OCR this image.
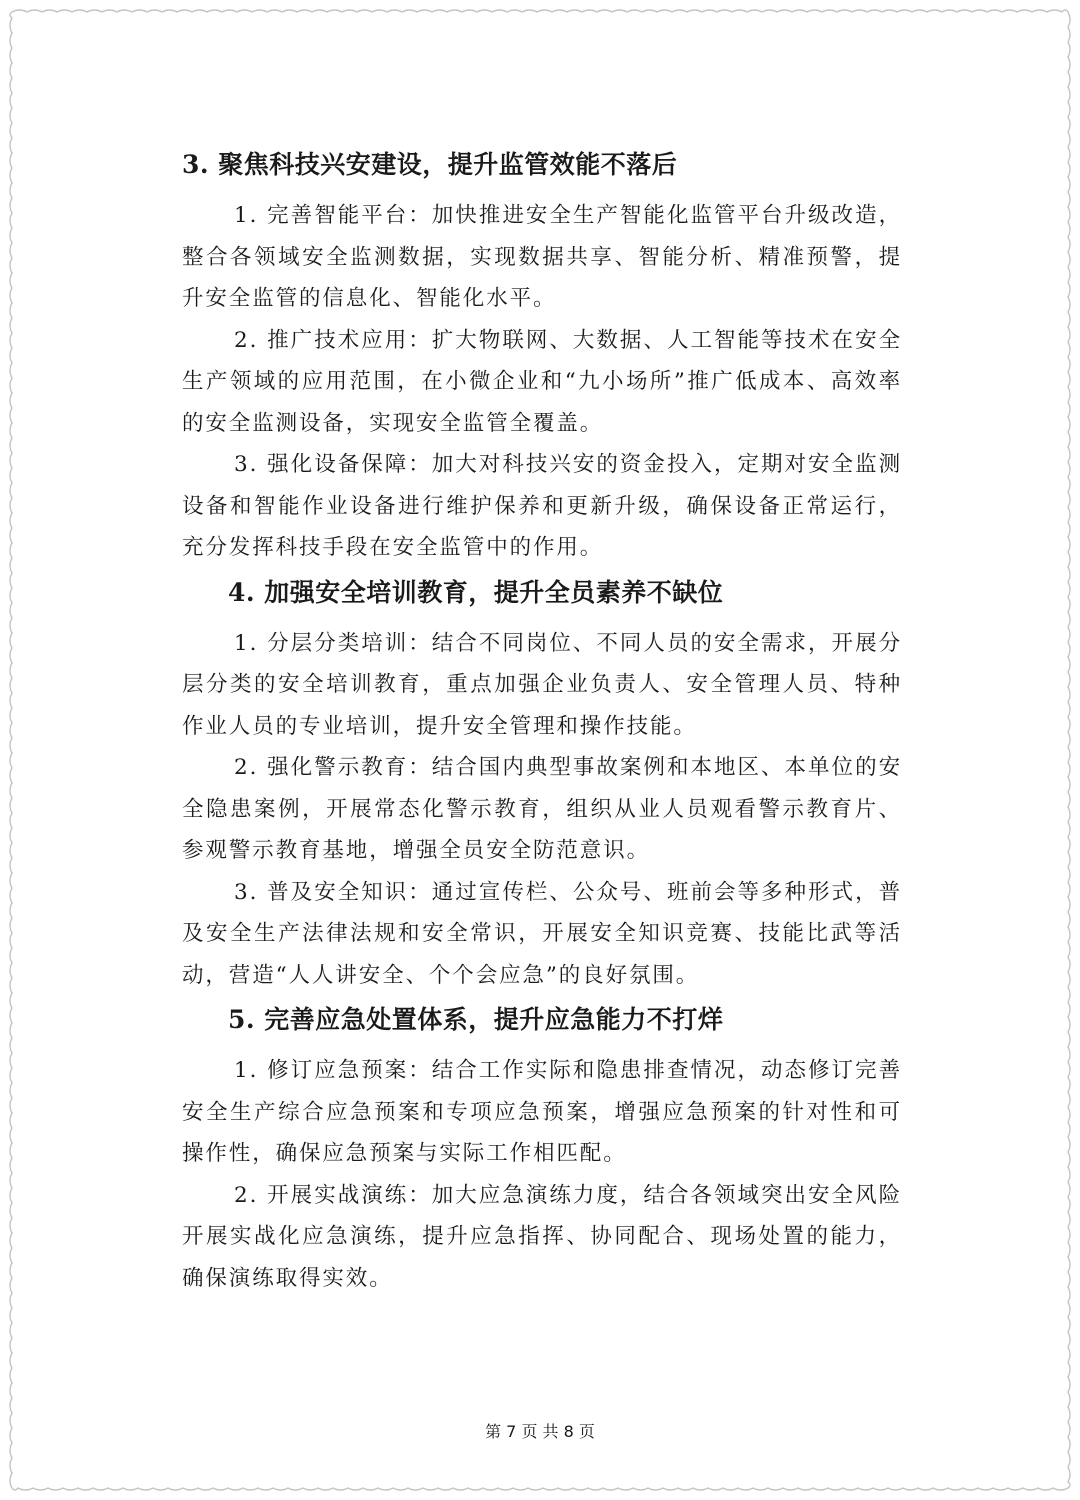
3. 聚焦科技兴安建设，提升监管效能不落后

1. 完善智能平台：加快推进安全生产智能化监管平台升级改造，整合各领域安全监测数据，实现数据共享、智能分析、精准预警，提升安全监管的信息化、智能化水平。

2. 推广技术应用：扩大物联网、大数据、人工智能等技术在安全生产领域的应用范围，在小微企业和“九小场所”推广低成本、高效率的安全监测设备，实现安全监管全覆盖。

3. 强化设备保障：加大对科技兴安的资金投入，定期对安全监测设备和智能作业设备进行维护保养和更新升级，确保设备正常运行，充分发挥科技手段在安全监管中的作用。

4. 加强安全培训教育，提升全员素养不缺位

1. 分层分类培训：结合不同岗位、不同人员的安全需求，开展分层分类的安全培训教育，重点加强企业负责人、安全管理人员、特种作业人员的专业培训，提升安全管理和操作技能。

2. 强化警示教育：结合国内典型事故案例和本地区、本单位的安全隐患案例，开展常态化警示教育，组织从业人员观看警示教育片、参观警示教育基地，增强全员安全防范意识。

3. 普及安全知识：通过宣传栏、公众号、班前会等多种形式，普及安全生产法律法规和安全常识，开展安全知识竞赛、技能比武等活动，营造“人人讲安全、个个会应急”的良好氛围。

5. 完善应急处置体系，提升应急能力不打烊

1. 修订应急预案：结合工作实际和隐患排查情况，动态修订完善安全生产综合应急预案和专项应急预案，增强应急预案的针对性和可操作性，确保应急预案与实际工作相匹配。

2. 开展实战演练：加大应急演练力度，结合各领域突出安全风险开展实战化应急演练，提升应急指挥、协同配合、现场处置的能力，确保演练取得实效。

第 7 页 共 8 页
